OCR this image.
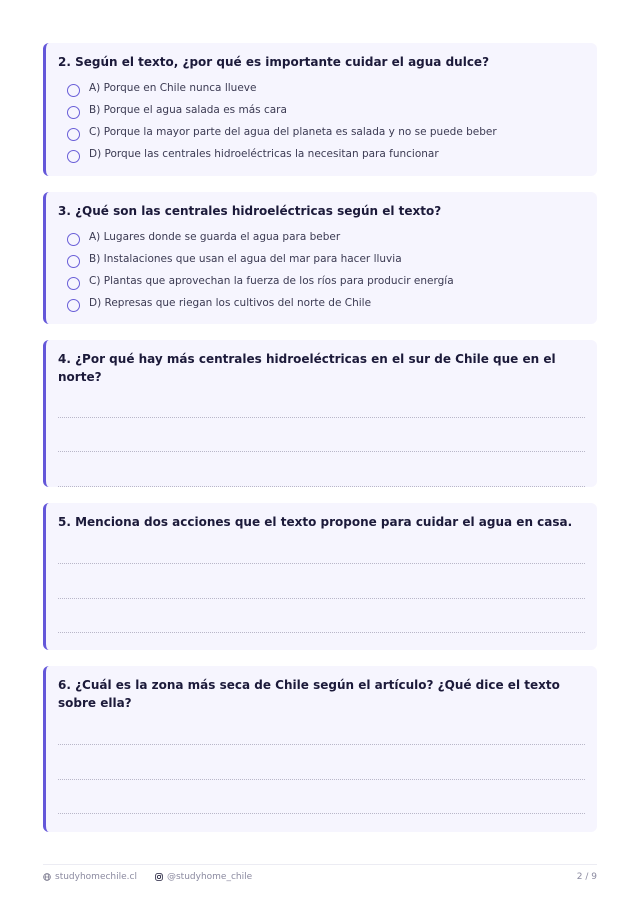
2. Según el texto, ¿por qué es importante cuidar el agua dulce?

A) Porque en Chile nunca llueve
B) Porque el agua salada es más cara
C) Porque la mayor parte del agua del planeta es salada y no se puede beber
D) Porque las centrales hidroeléctricas la necesitan para funcionar

3. ¿Qué son las centrales hidroeléctricas según el texto?

A) Lugares donde se guarda el agua para beber
B) Instalaciones que usan el agua del mar para hacer lluvia
C) Plantas que aprovechan la fuerza de los ríos para producir energía
D) Represas que riegan los cultivos del norte de Chile

4. ¿Por qué hay más centrales hidroeléctricas en el sur de Chile que en el norte?

5. Menciona dos acciones que el texto propone para cuidar el agua en casa.

6. ¿Cuál es la zona más seca de Chile según el artículo? ¿Qué dice el texto sobre ella?

studyhomechile.cl	@studyhome_chile	2 / 9
